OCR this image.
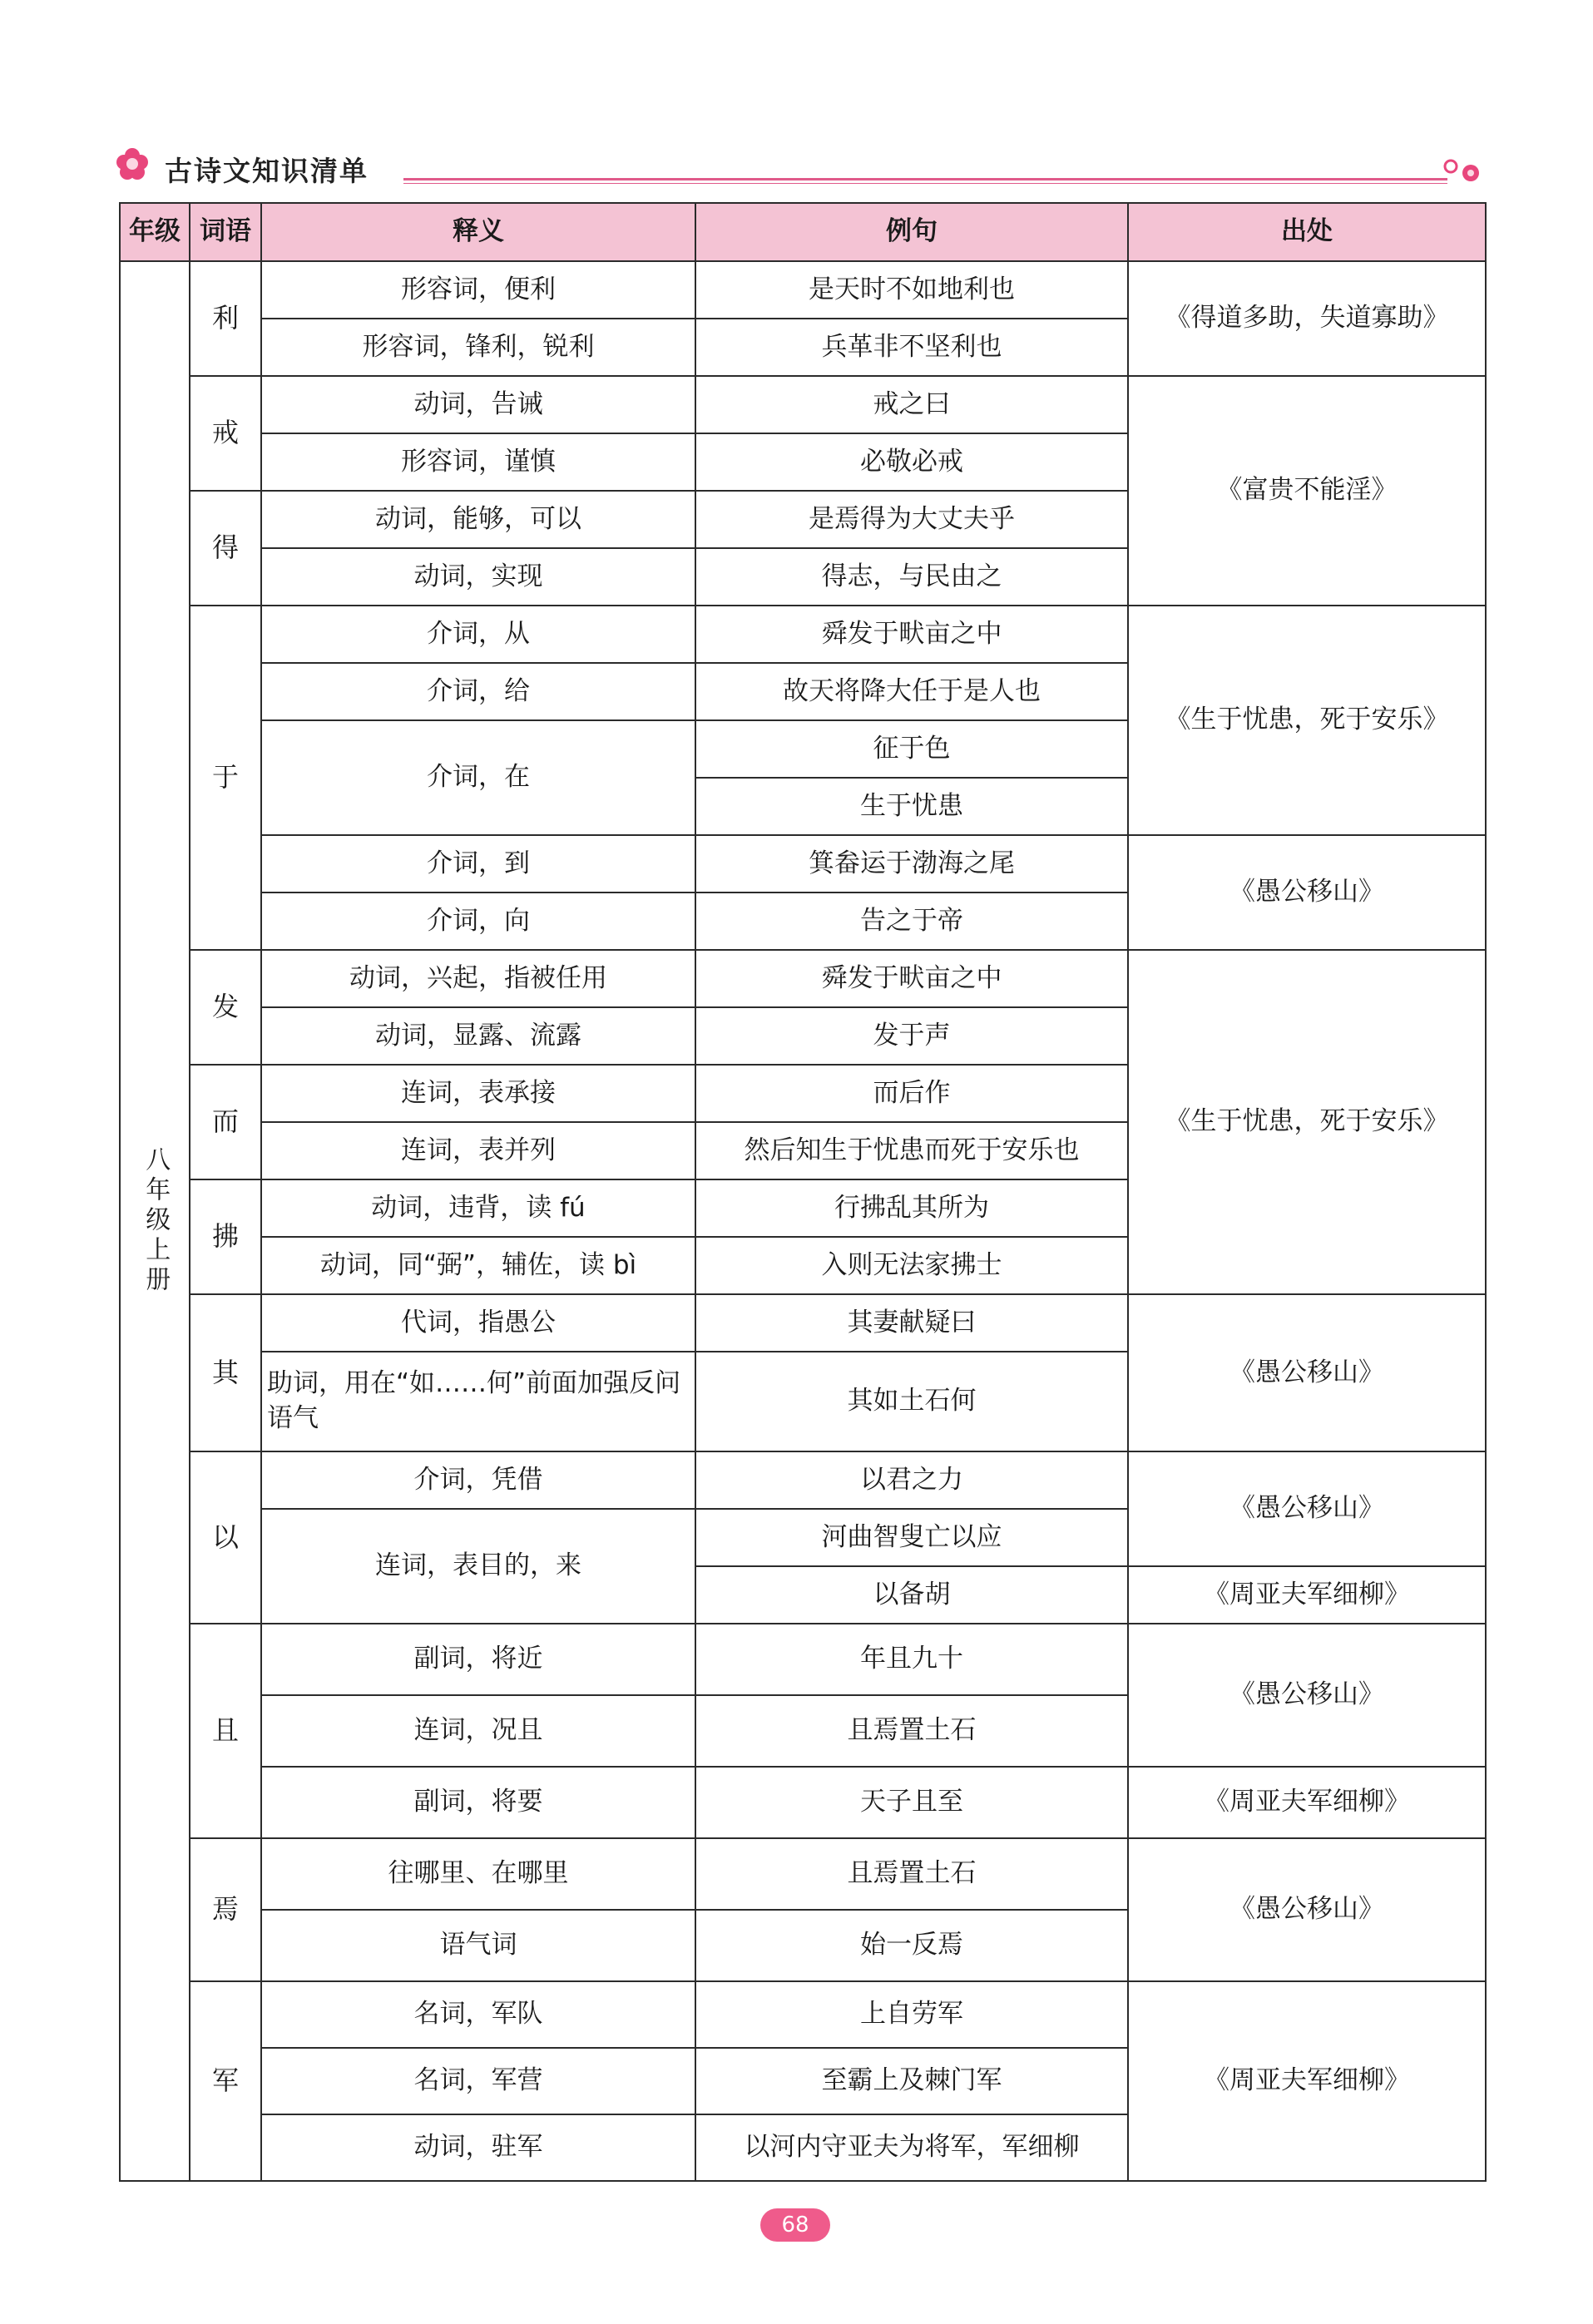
古诗文知识清单
年级	词语	释义	例句	出处
八年级上册	利	形容词，便利	是天时不如地利也	《得道多助，失道寡助》
		形容词，锋利，锐利	兵革非不坚利也	
	戒	动词，告诫	戒之曰	《富贵不能淫》
		形容词，谨慎	必敬必戒	
	得	动词，能够，可以	是焉得为大丈夫乎	
		动词，实现	得志，与民由之	
	于	介词，从	舜发于畎亩之中	《生于忧患，死于安乐》
		介词，给	故天将降大任于是人也	
		介词，在	征于色	
			生于忧患	
		介词，到	箕畚运于渤海之尾	《愚公移山》
		介词，向	告之于帝	
	发	动词，兴起，指被任用	舜发于畎亩之中	《生于忧患，死于安乐》
		动词，显露、流露	发于声	
	而	连词，表承接	而后作	
		连词，表并列	然后知生于忧患而死于安乐也	
	拂	动词，违背，读 fú	行拂乱其所为	
		动词，同“弼”，辅佐，读 bì	入则无法家拂士	
	其	代词，指愚公	其妻献疑曰	《愚公移山》
		助词，用在“如……何”前面加强反问语气	其如土石何	
	以	介词，凭借	以君之力	《愚公移山》
		连词，表目的，来	河曲智叟亡以应	
			以备胡	《周亚夫军细柳》
	且	副词，将近	年且九十	《愚公移山》
		连词，况且	且焉置土石	
		副词，将要	天子且至	《周亚夫军细柳》
	焉	往哪里、在哪里	且焉置土石	《愚公移山》
		语气词	始一反焉	
	军	名词，军队	上自劳军	《周亚夫军细柳》
		名词，军营	至霸上及棘门军	
		动词，驻军	以河内守亚夫为将军，军细柳	
68
